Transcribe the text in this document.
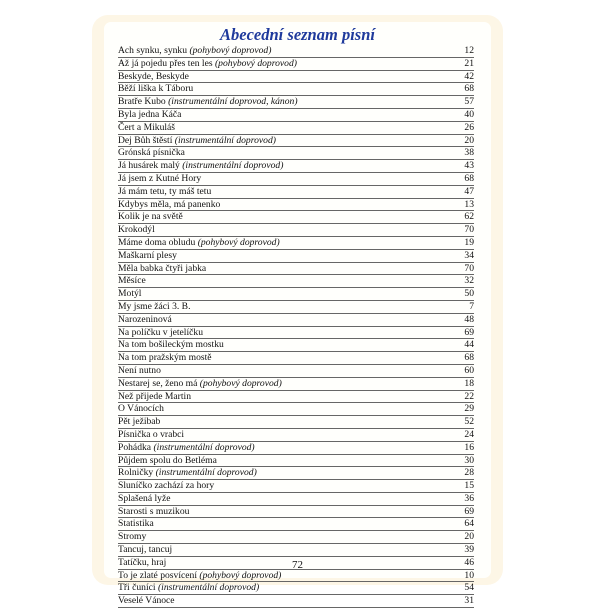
Abecední seznam písní
Ach synku, synku (pohybový doprovod)	12
Až já pojedu přes ten les (pohybový doprovod)	21
Beskyde, Beskyde	42
Běží liška k Táboru	68
Bratře Kubo (instrumentální doprovod, kánon)	57
Byla jedna Káča	40
Čert a Mikuláš	26
Dej Bůh štěstí (instrumentální doprovod)	20
Grónská písnička	38
Já husárek malý (instrumentální doprovod)	43
Já jsem z Kutné Hory	68
Já mám tetu, ty máš tetu	47
Kdybys měla, má panenko	13
Kolik je na světě	62
Krokodýl	70
Máme doma obludu (pohybový doprovod)	19
Maškarní plesy	34
Měla babka čtyři jabka	70
Měsíce	32
Motýl	50
My jsme žáci 3. B.	7
Narozeninová	48
Na políčku v jetelíčku	69
Na tom bošileckým mostku	44
Na tom pražským mostě	68
Není nutno	60
Nestarej se, ženo má (pohybový doprovod)	18
Než přijede Martin	22
O Vánocích	29
Pět ježibab	52
Písnička o vrabci	24
Pohádka (instrumentální doprovod)	16
Půjdem spolu do Betléma	30
Rolničky (instrumentální doprovod)	28
Sluníčko zachází za hory	15
Splašená lyže	36
Starosti s muzikou	69
Statistika	64
Stromy	20
Tancuj, tancuj	39
Tatíčku, hraj	46
To je zlaté posvícení (pohybový doprovod)	10
Tři čuníci (instrumentální doprovod)	54
Veselé Vánoce	31
72
